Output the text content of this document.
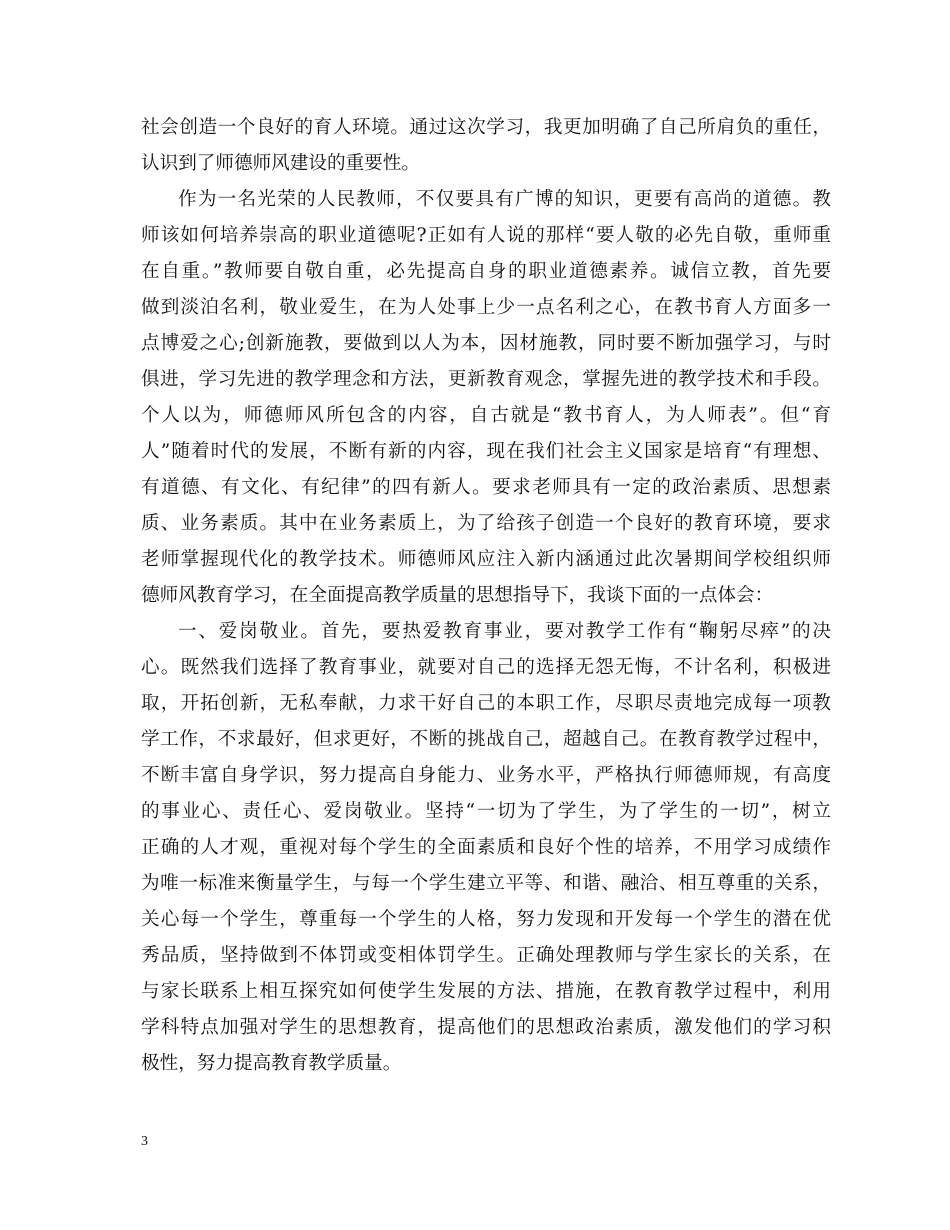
社会创造一个良好的育人环境。通过这次学习，我更加明确了自己所肩负的重任，
认识到了师德师风建设的重要性。
作为一名光荣的人民教师，不仅要具有广博的知识，更要有高尚的道德。教
师该如何培养崇高的职业道德呢?正如有人说的那样“要人敬的必先自敬，重师重
在自重。”教师要自敬自重，必先提高自身的职业道德素养。诚信立教，首先要
做到淡泊名利，敬业爱生，在为人处事上少一点名利之心，在教书育人方面多一
点博爱之心;创新施教，要做到以人为本，因材施教，同时要不断加强学习，与时
俱进，学习先进的教学理念和方法，更新教育观念，掌握先进的教学技术和手段。
个人以为，师德师风所包含的内容，自古就是“教书育人，为人师表”。但“育
人”随着时代的发展，不断有新的内容，现在我们社会主义国家是培育“有理想、
有道德、有文化、有纪律”的四有新人。要求老师具有一定的政治素质、思想素
质、业务素质。其中在业务素质上，为了给孩子创造一个良好的教育环境，要求
老师掌握现代化的教学技术。师德师风应注入新内涵通过此次暑期间学校组织师
德师风教育学习，在全面提高教学质量的思想指导下，我谈下面的一点体会：
一、爱岗敬业。首先，要热爱教育事业，要对教学工作有“鞠躬尽瘁”的决
心。既然我们选择了教育事业，就要对自己的选择无怨无悔，不计名利，积极进
取，开拓创新，无私奉献，力求干好自己的本职工作，尽职尽责地完成每一项教
学工作，不求最好，但求更好，不断的挑战自己，超越自己。在教育教学过程中，
不断丰富自身学识，努力提高自身能力、业务水平，严格执行师德师规，有高度
的事业心、责任心、爱岗敬业。坚持“一切为了学生，为了学生的一切”，树立
正确的人才观，重视对每个学生的全面素质和良好个性的培养，不用学习成绩作
为唯一标准来衡量学生，与每一个学生建立平等、和谐、融洽、相互尊重的关系，
关心每一个学生，尊重每一个学生的人格，努力发现和开发每一个学生的潜在优
秀品质，坚持做到不体罚或变相体罚学生。正确处理教师与学生家长的关系，在
与家长联系上相互探究如何使学生发展的方法、措施，在教育教学过程中，利用
学科特点加强对学生的思想教育，提高他们的思想政治素质，激发他们的学习积
极性，努力提高教育教学质量。
3
